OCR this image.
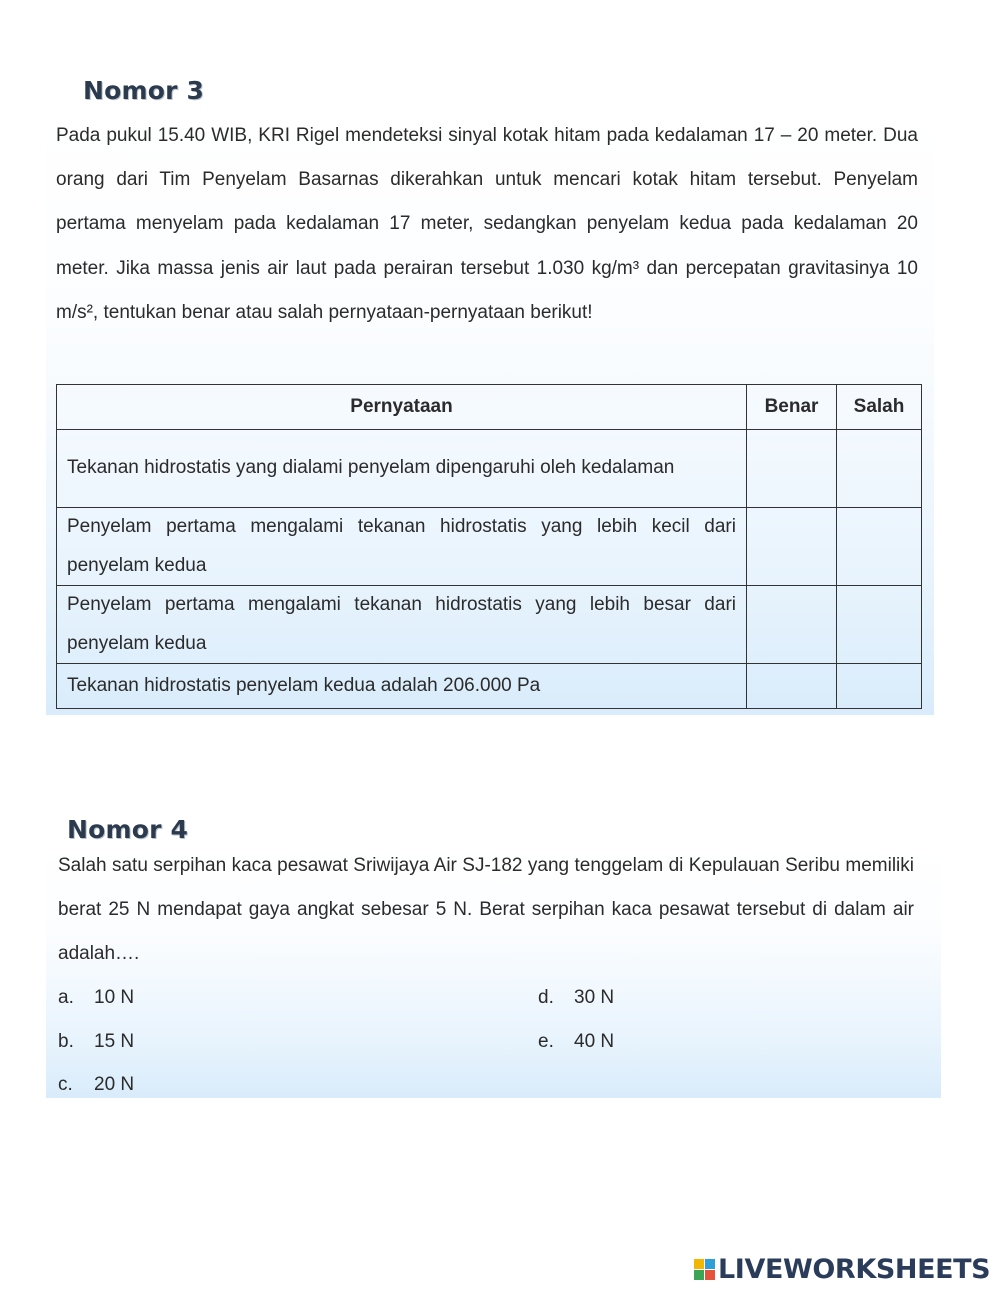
Nomor 3

Pada pukul 15.40 WIB, KRI Rigel mendeteksi sinyal kotak hitam pada kedalaman 17 – 20 meter. Dua orang dari Tim Penyelam Basarnas dikerahkan untuk mencari kotak hitam tersebut. Penyelam pertama menyelam pada kedalaman 17 meter, sedangkan penyelam kedua pada kedalaman 20 meter. Jika massa jenis air laut pada perairan tersebut 1.030 kg/m³ dan percepatan gravitasinya 10 m/s², tentukan benar atau salah pernyataan-pernyataan berikut!

Pernyataan	Benar	Salah
Tekanan hidrostatis yang dialami penyelam dipengaruhi oleh kedalaman		
Penyelam pertama mengalami tekanan hidrostatis yang lebih kecil dari penyelam kedua		
Penyelam pertama mengalami tekanan hidrostatis yang lebih besar dari penyelam kedua		
Tekanan hidrostatis penyelam kedua adalah 206.000 Pa		
Nomor 4

Salah satu serpihan kaca pesawat Sriwijaya Air SJ-182 yang tenggelam di Kepulauan Seribu memiliki berat 25 N mendapat gaya angkat sebesar 5 N. Berat serpihan kaca pesawat tersebut di dalam air adalah….

a. 10 N
b. 15 N
c. 20 N
d. 30 N
e. 40 N
LIVEWORKSHEETS
